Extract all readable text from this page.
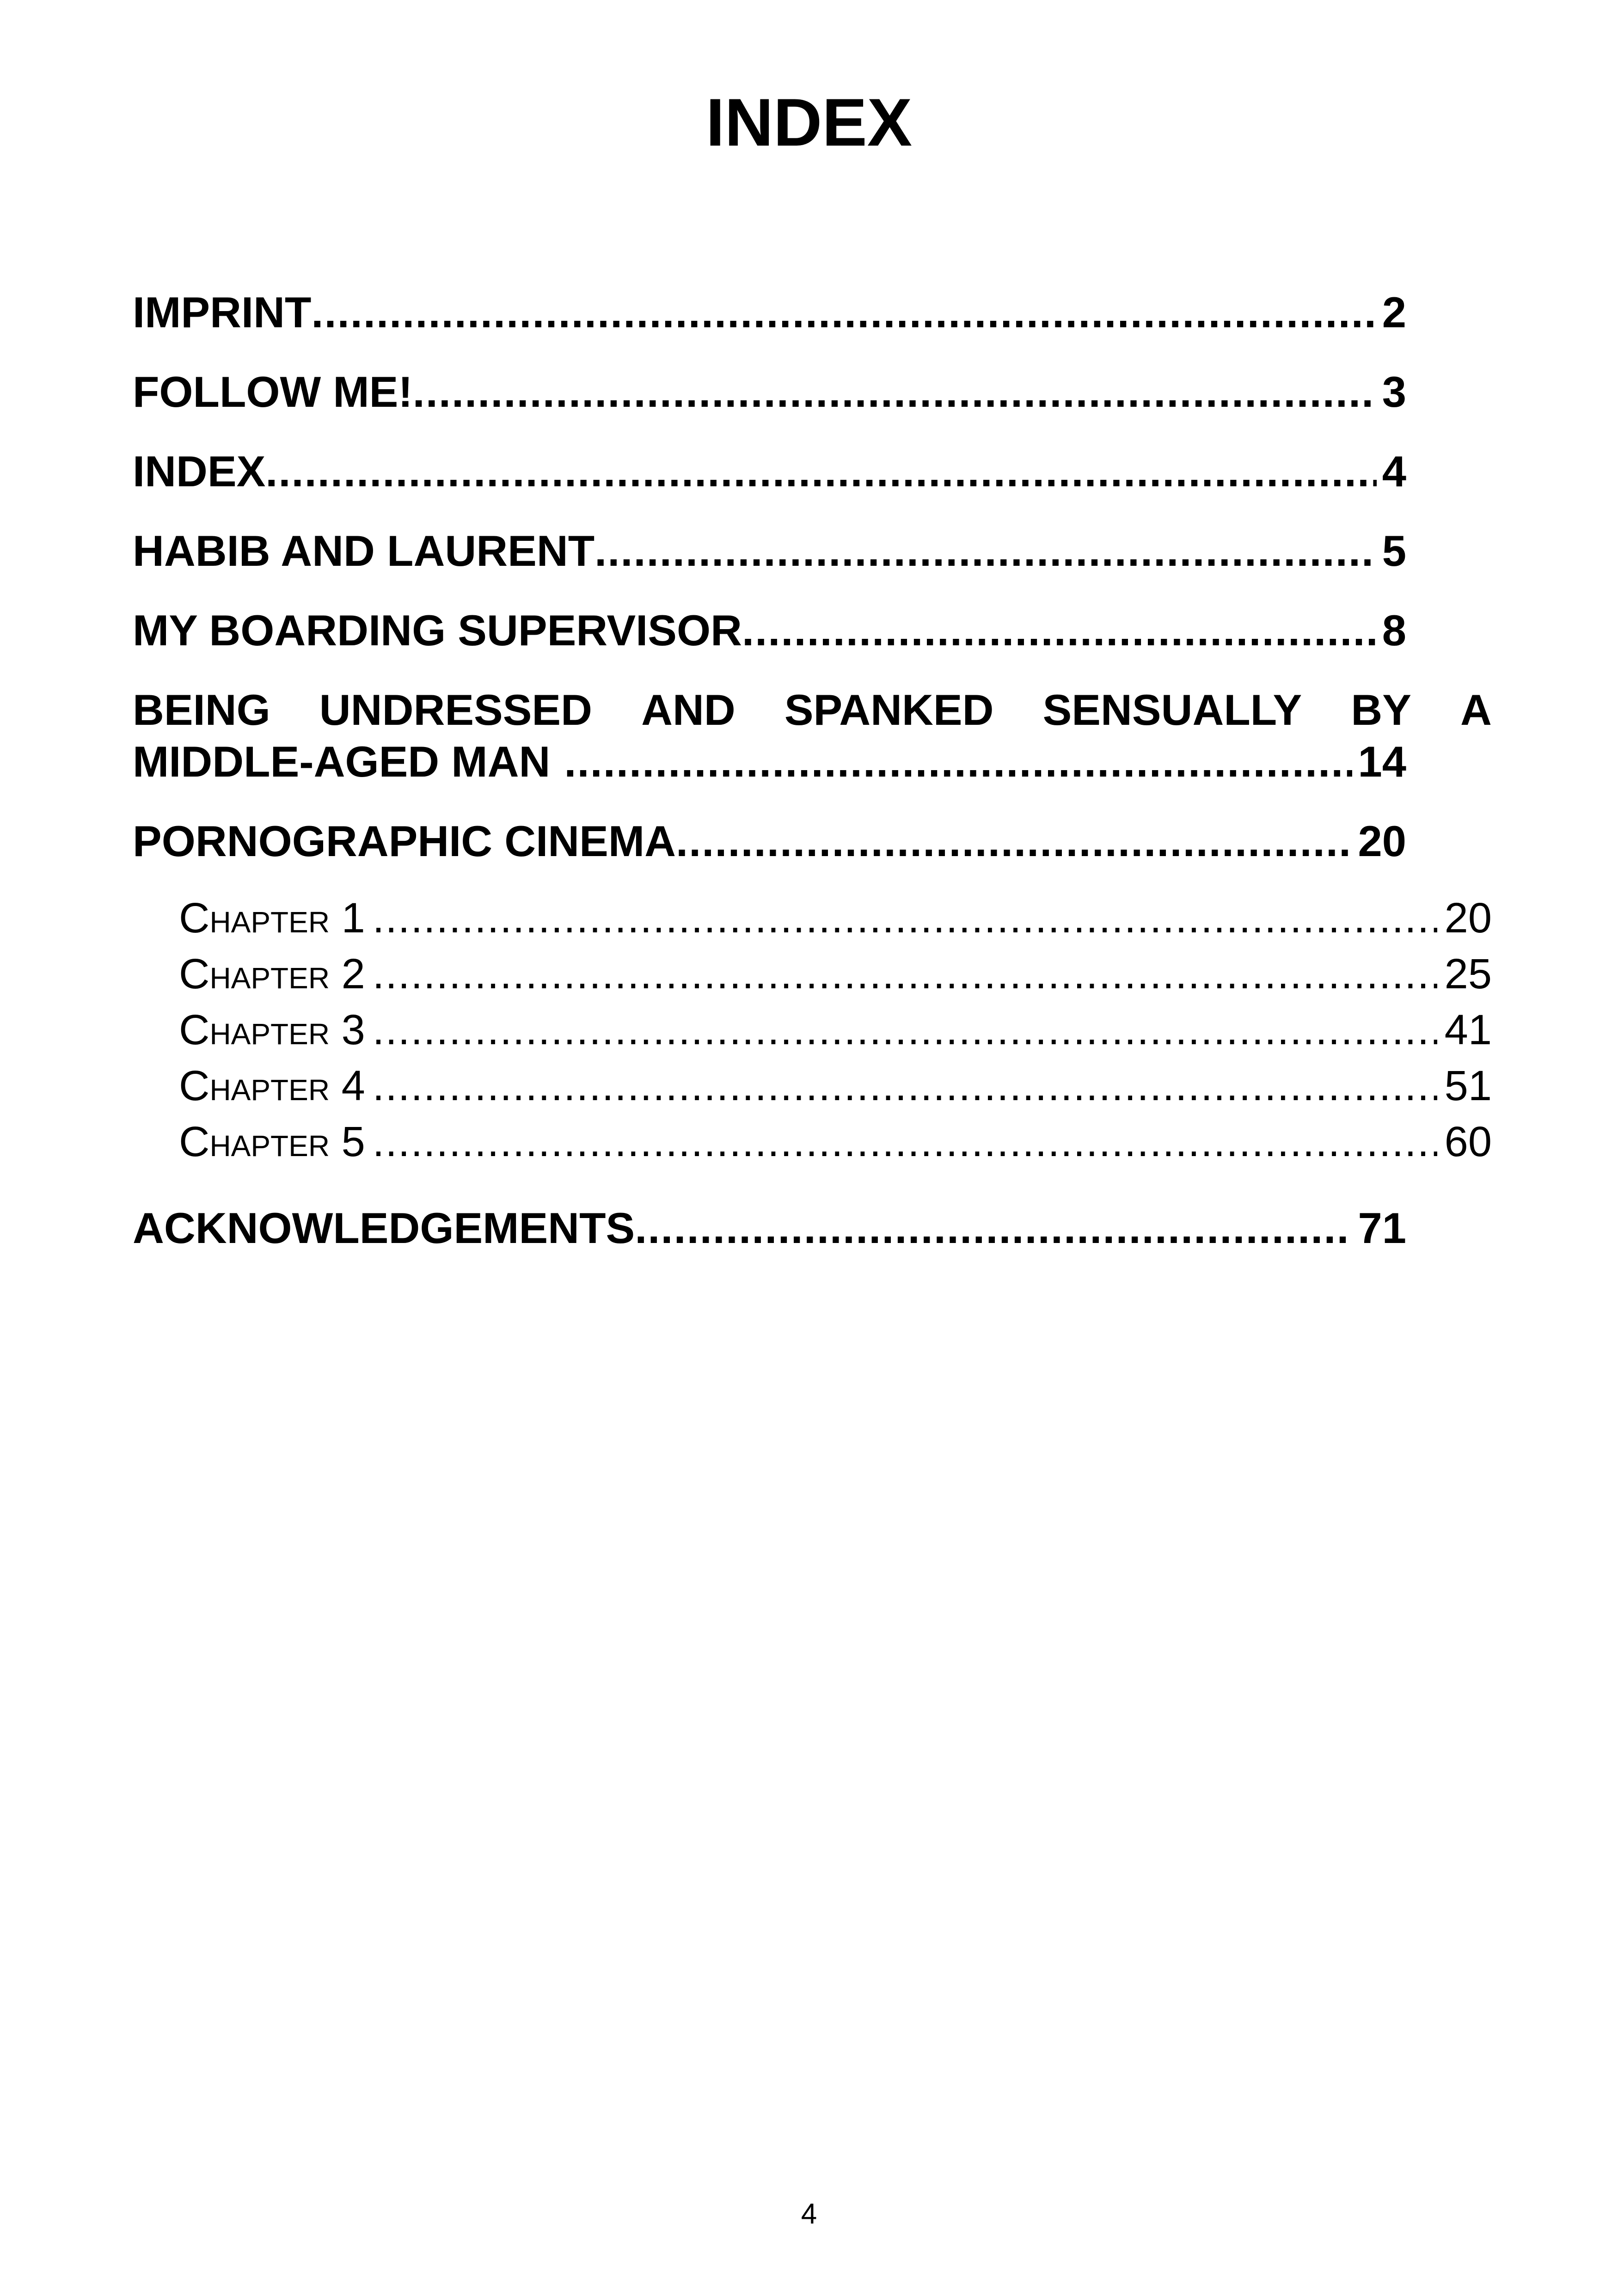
INDEX
IMPRINT .....	2
FOLLOW ME! .....	3
INDEX .....	4
HABIB AND LAURENT .....	5
MY BOARDING SUPERVISOR .....	8
BEING UNDRESSED AND SPANKED SENSUALLY BY A
MIDDLE-AGED MAN .....	14
PORNOGRAPHIC CINEMA .....	20
Chapter 1 .....	20
Chapter 2 .....	25
Chapter 3 .....	41
Chapter 4 .....	51
Chapter 5 .....	60
ACKNOWLEDGEMENTS .....	71
4
